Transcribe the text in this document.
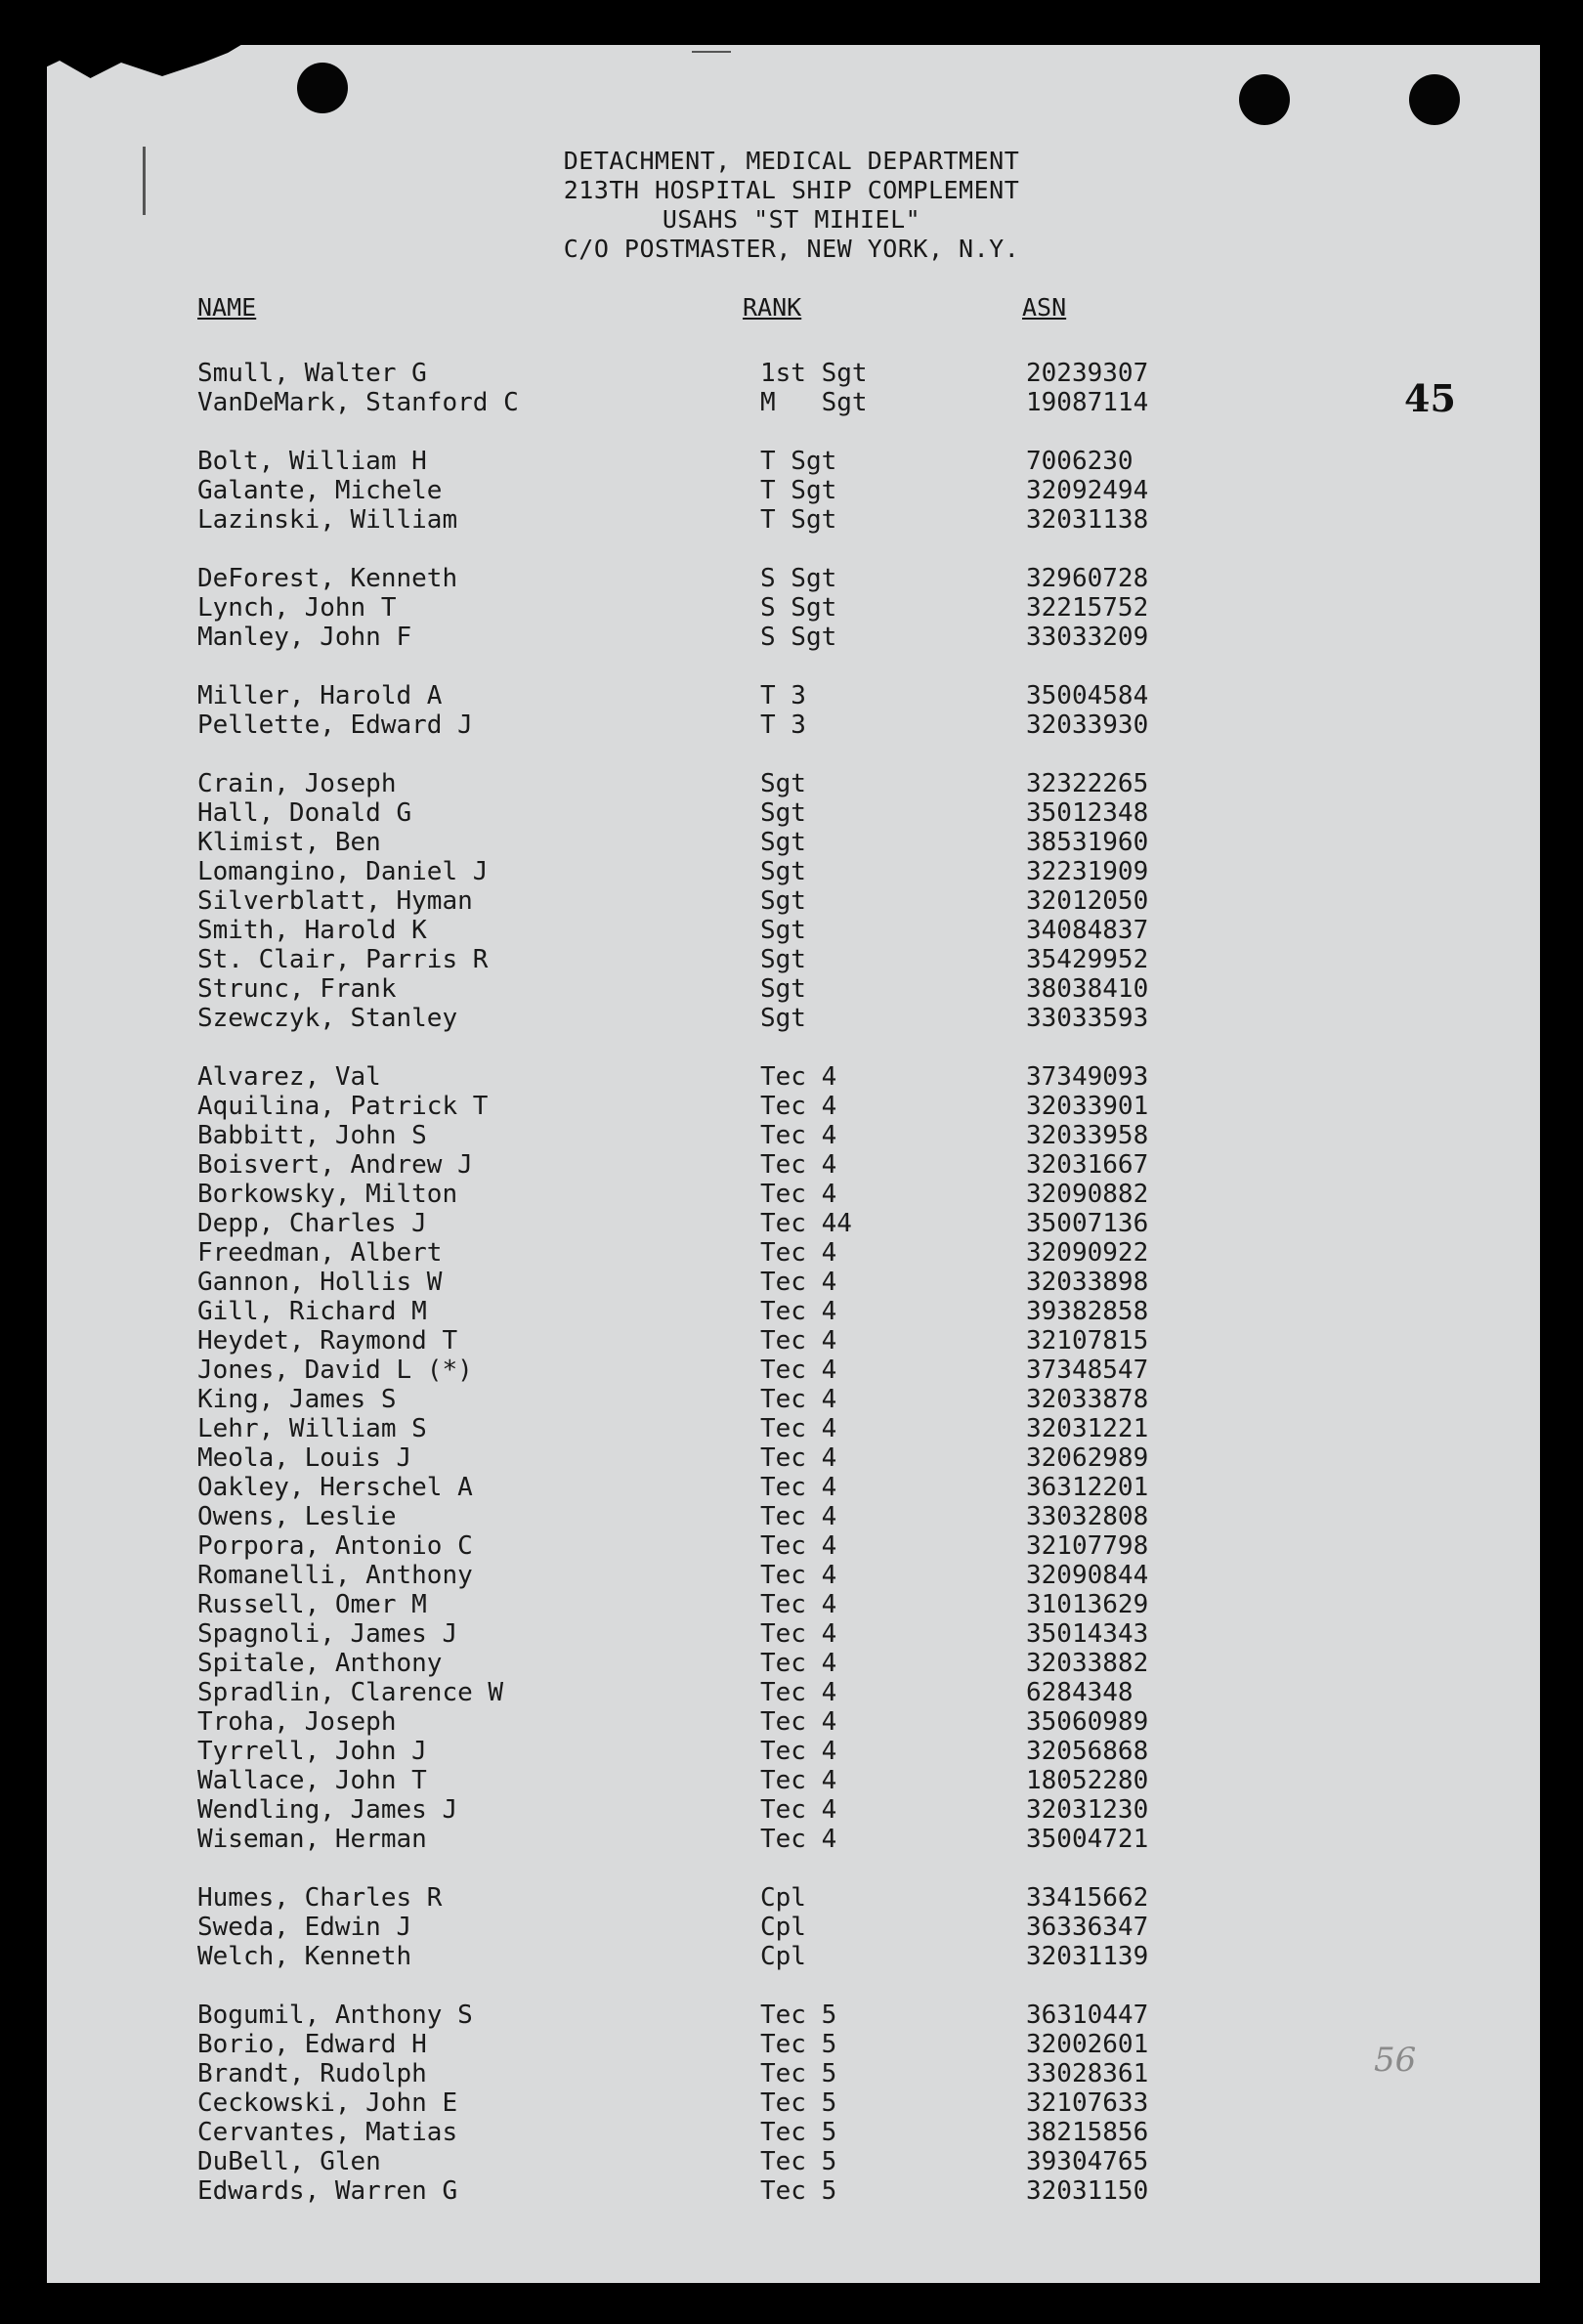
DETACHMENT, MEDICAL DEPARTMENT
213TH HOSPITAL SHIP COMPLEMENT
USAHS "ST MIHIEL"
C/O POSTMASTER, NEW YORK, N.Y.
NAME	RANK	ASN
45
56
Smull, Walter G	1st Sgt	20239307
VanDeMark, Stanford C	M   Sgt	19087114
Bolt, William H	T Sgt	7006230
Galante, Michele	T Sgt	32092494
Lazinski, William	T Sgt	32031138
DeForest, Kenneth	S Sgt	32960728
Lynch, John T	S Sgt	32215752
Manley, John F	S Sgt	33033209
Miller, Harold A	T 3	35004584
Pellette, Edward J	T 3	32033930
Crain, Joseph	Sgt	32322265
Hall, Donald G	Sgt	35012348
Klimist, Ben	Sgt	38531960
Lomangino, Daniel J	Sgt	32231909
Silverblatt, Hyman	Sgt	32012050
Smith, Harold K	Sgt	34084837
St. Clair, Parris R	Sgt	35429952
Strunc, Frank	Sgt	38038410
Szewczyk, Stanley	Sgt	33033593
Alvarez, Val	Tec 4	37349093
Aquilina, Patrick T	Tec 4	32033901
Babbitt, John S	Tec 4	32033958
Boisvert, Andrew J	Tec 4	32031667
Borkowsky, Milton	Tec 4	32090882
Depp, Charles J	Tec 44	35007136
Freedman, Albert	Tec 4	32090922
Gannon, Hollis W	Tec 4	32033898
Gill, Richard M	Tec 4	39382858
Heydet, Raymond T	Tec 4	32107815
Jones, David L (*)	Tec 4	37348547
King, James S	Tec 4	32033878
Lehr, William S	Tec 4	32031221
Meola, Louis J	Tec 4	32062989
Oakley, Herschel A	Tec 4	36312201
Owens, Leslie	Tec 4	33032808
Porpora, Antonio C	Tec 4	32107798
Romanelli, Anthony	Tec 4	32090844
Russell, Omer M	Tec 4	31013629
Spagnoli, James J	Tec 4	35014343
Spitale, Anthony	Tec 4	32033882
Spradlin, Clarence W	Tec 4	6284348
Troha, Joseph	Tec 4	35060989
Tyrrell, John J	Tec 4	32056868
Wallace, John T	Tec 4	18052280
Wendling, James J	Tec 4	32031230
Wiseman, Herman	Tec 4	35004721
Humes, Charles R	Cpl	33415662
Sweda, Edwin J	Cpl	36336347
Welch, Kenneth	Cpl	32031139
Bogumil, Anthony S	Tec 5	36310447
Borio, Edward H	Tec 5	32002601
Brandt, Rudolph	Tec 5	33028361
Ceckowski, John E	Tec 5	32107633
Cervantes, Matias	Tec 5	38215856
DuBell, Glen	Tec 5	39304765
Edwards, Warren G	Tec 5	32031150
